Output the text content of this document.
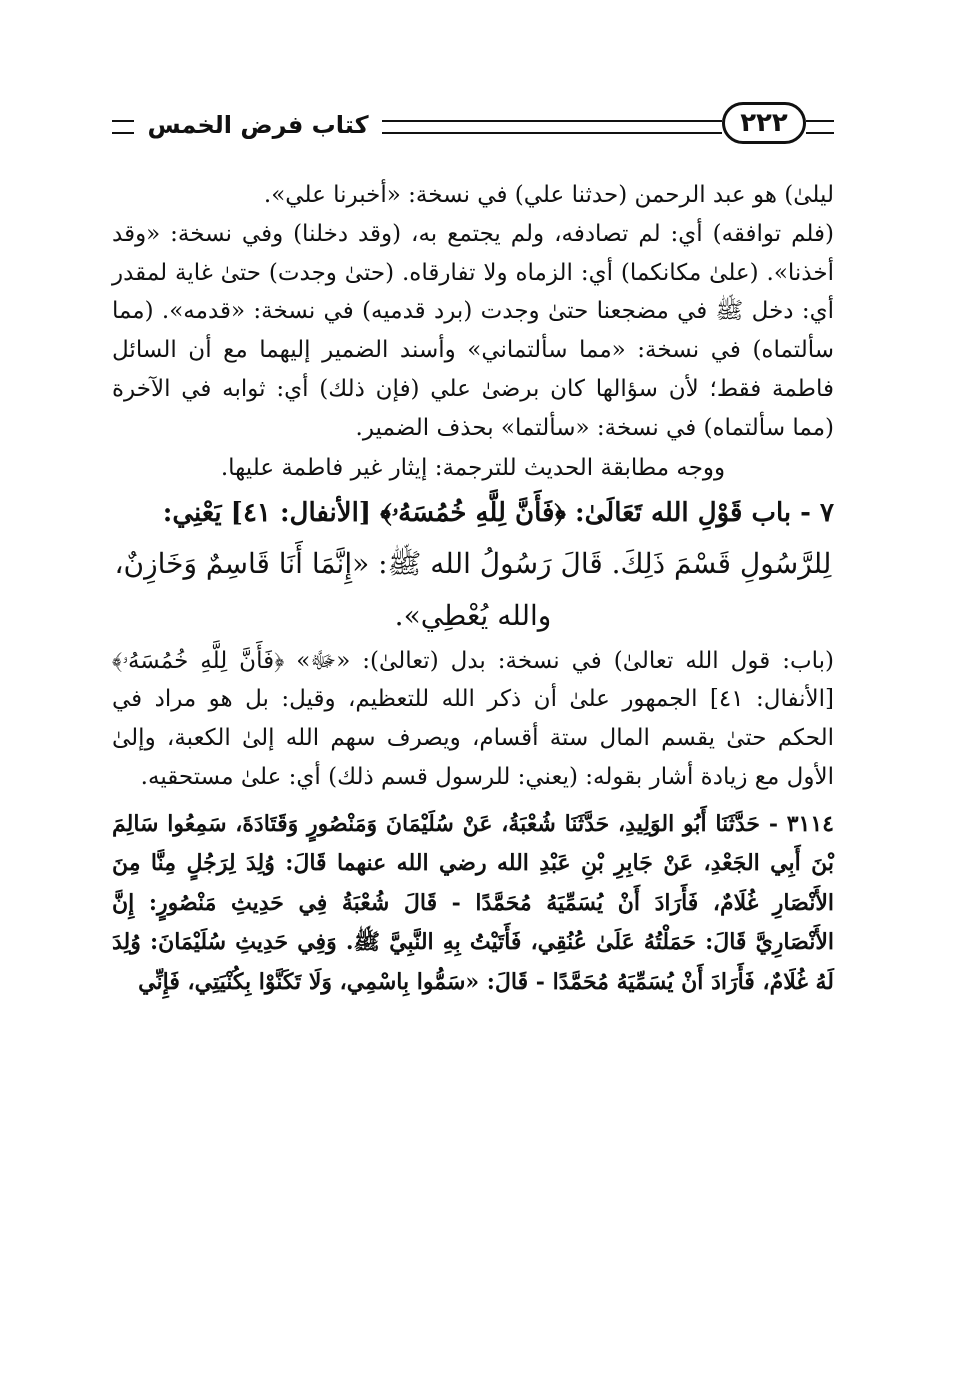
كتاب فرض الخمس	٢٢٢

ليلىٰ) هو عبد الرحمن (حدثنا علي) في نسخة: «أخبرنا علي».

(فلم توافقه) أي: لم تصادفه، ولم يجتمع به، (وقد دخلنا) وفي نسخة: «وقد أخذنا». (علىٰ مكانكما) أي: الزماه ولا تفارقاه. (حتىٰ وجدت) حتىٰ غاية لمقدر أي: دخل ﷺ في مضجعنا حتىٰ وجدت (برد قدميه) في نسخة: «قدمه». (مما سألتماه) في نسخة: «مما سألتماني» وأسند الضمير إليهما مع أن السائل فاطمة فقط؛ لأن سؤالها كان برضىٰ علي (فإن ذلك) أي: ثوابه في الآخرة (مما سألتماه) في نسخة: «سألتما» بحذف الضمير.

ووجه مطابقة الحديث للترجمة: إيثار غير فاطمة عليها.

٧ - باب قَوْلِ الله تَعَالَىٰ: ﴿فَأَنَّ لِلَّهِ خُمُسَهُۥ﴾ [الأنفال: ٤١] يَعْنِي:

لِلرَّسُولِ قَسْمَ ذَلِكَ. قَالَ رَسُولُ الله ﷺ: «إِنَّمَا أَنَا قَاسِمٌ وَخَازِنٌ، والله يُعْطِي».

(باب: قول الله تعالىٰ) في نسخة: بدل (تعالىٰ): «ﷻ» ﴿فَأَنَّ لِلَّهِ خُمُسَهُۥ﴾ [الأنفال: ٤١] الجمهور علىٰ أن ذكر الله للتعظيم، وقيل: بل هو مراد في الحكم حتىٰ يقسم المال ستة أقسام، ويصرف سهم الله إلىٰ الكعبة، وإلىٰ الأول مع زيادة أشار بقوله: (يعني: للرسول قسم ذلك) أي: علىٰ مستحقيه.

٣١١٤ - حَدَّثَنَا أَبُو الوَلِيدِ، حَدَّثَنَا شُعْبَةُ، عَنْ سُلَيْمَانَ وَمَنْصُورٍ وَقَتَادَةَ، سَمِعُوا سَالِمَ بْنَ أَبِي الجَعْدِ، عَنْ جَابِرِ بْنِ عَبْدِ الله رضي الله عنهما قَالَ: وُلِدَ لِرَجُلٍ مِنَّا مِنَ الأَنْصَارِ غُلَامٌ، فَأَرَادَ أَنْ يُسَمِّيَهُ مُحَمَّدًا - قَالَ شُعْبَةُ فِي حَدِيثِ مَنْصُورٍ: إِنَّ الأَنْصَارِيَّ قَالَ: حَمَلْتُهُ عَلَىٰ عُنُقِي، فَأَتَيْتُ بِهِ النَّبِيَّ ﷺ. وَفِي حَدِيثِ سُلَيْمَانَ: وُلِدَ لَهُ غُلَامٌ، فَأَرَادَ أَنْ يُسَمِّيَهُ مُحَمَّدًا - قَالَ: «سَمُّوا بِاسْمِي، وَلَا تَكَنَّوْا بِكُنْيَتِي، فَإِنِّي
